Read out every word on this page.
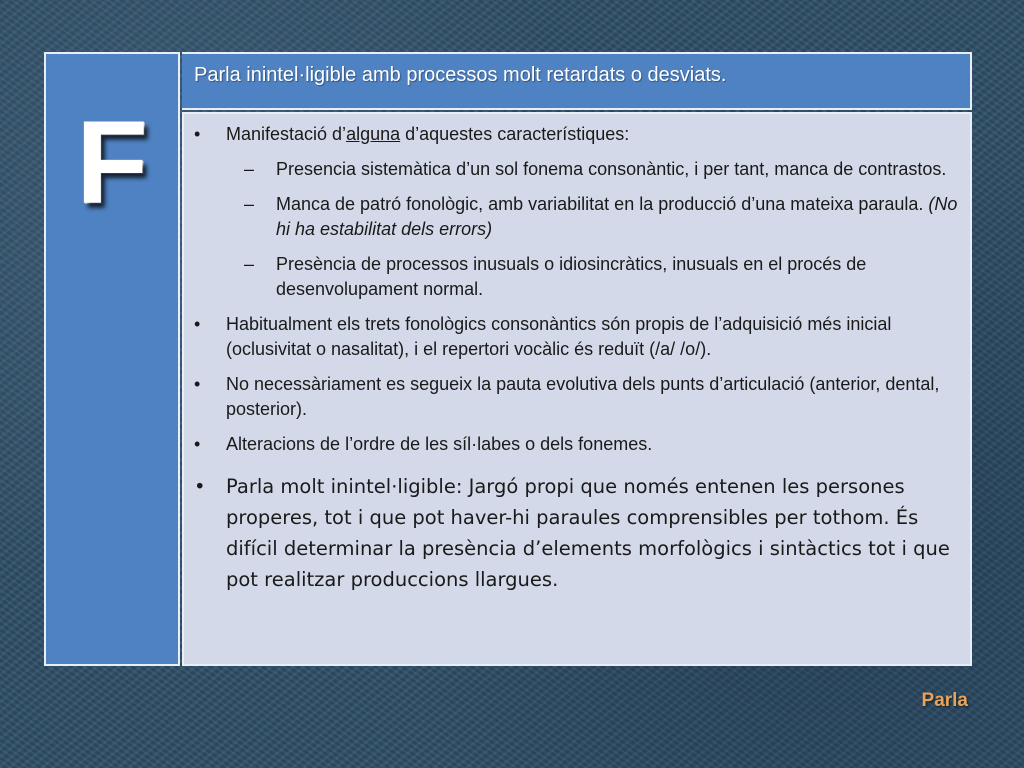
F
Parla inintel·ligible amb processos molt retardats o desviats.
• Manifestació d’alguna d’aquestes característiques:
– Presencia sistemàtica d’un sol fonema consonàntic, i per tant, manca de contrastos.
– Manca de patró fonològic, amb variabilitat en la producció d’una mateixa paraula. (No hi ha estabilitat dels errors)
– Presència de processos inusuals o idiosincràtics, inusuals en el procés de desenvolupament normal.
• Habitualment els trets fonològics consonàntics són propis de l’adquisició més inicial (oclusivitat o nasalitat), i el repertori vocàlic és reduït (/a/ /o/).
• No necessàriament es segueix la pauta evolutiva dels punts d’articulació (anterior, dental, posterior).
• Alteracions de l’ordre de les síl·labes o dels fonemes.
• Parla molt inintel·ligible: Jargó propi que només entenen les persones properes, tot i que pot haver-hi paraules comprensibles per tothom. És difícil determinar la presència d’elements morfològics i sintàctics tot i que pot realitzar produccions llargues.
Parla
